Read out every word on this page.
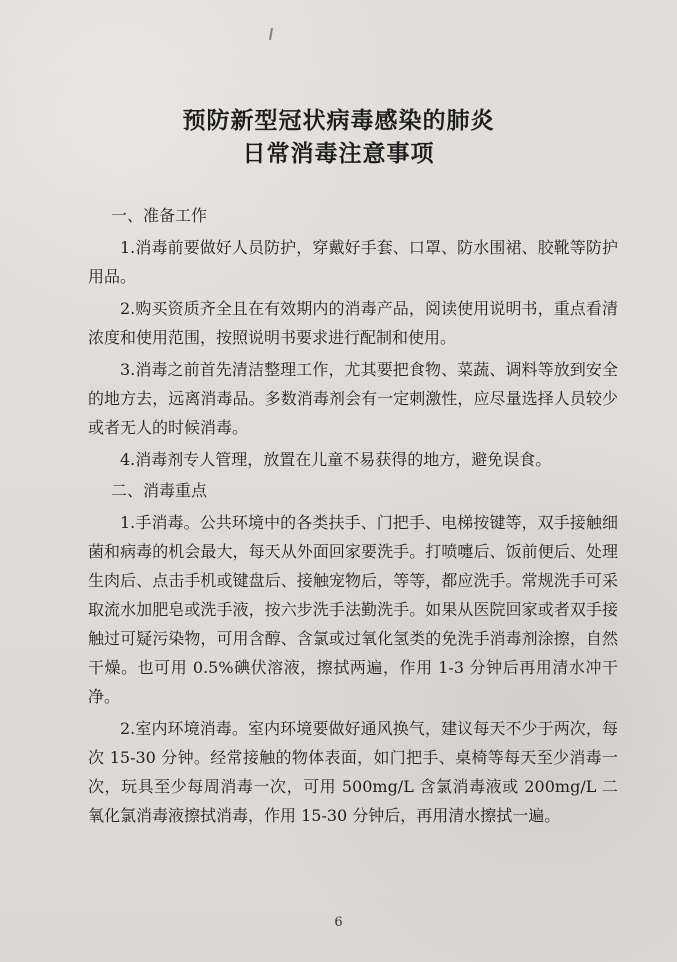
预防新型冠状病毒感染的肺炎
日常消毒注意事项
一、准备工作

1.消毒前要做好人员防护，穿戴好手套、口罩、防水围裙、胶靴等防护用品。

2.购买资质齐全且在有效期内的消毒产品，阅读使用说明书，重点看清浓度和使用范围，按照说明书要求进行配制和使用。

3.消毒之前首先清洁整理工作，尤其要把食物、菜蔬、调料等放到安全的地方去，远离消毒品。多数消毒剂会有一定刺激性，应尽量选择人员较少或者无人的时候消毒。

4.消毒剂专人管理，放置在儿童不易获得的地方，避免误食。

二、消毒重点

1.手消毒。公共环境中的各类扶手、门把手、电梯按键等，双手接触细菌和病毒的机会最大，每天从外面回家要洗手。打喷嚏后、饭前便后、处理生肉后、点击手机或键盘后、接触宠物后，等等，都应洗手。常规洗手可采取流水加肥皂或洗手液，按六步洗手法勤洗手。如果从医院回家或者双手接触过可疑污染物，可用含醇、含氯或过氧化氢类的免洗手消毒剂涂擦，自然干燥。也可用 0.5%碘伏溶液，擦拭两遍，作用 1-3 分钟后再用清水冲干净。

2.室内环境消毒。室内环境要做好通风换气，建议每天不少于两次，每次 15-30 分钟。经常接触的物体表面，如门把手、桌椅等每天至少消毒一次，玩具至少每周消毒一次，可用 500mg/L 含氯消毒液或 200mg/L 二氧化氯消毒液擦拭消毒，作用 15-30 分钟后，再用清水擦拭一遍。

6
